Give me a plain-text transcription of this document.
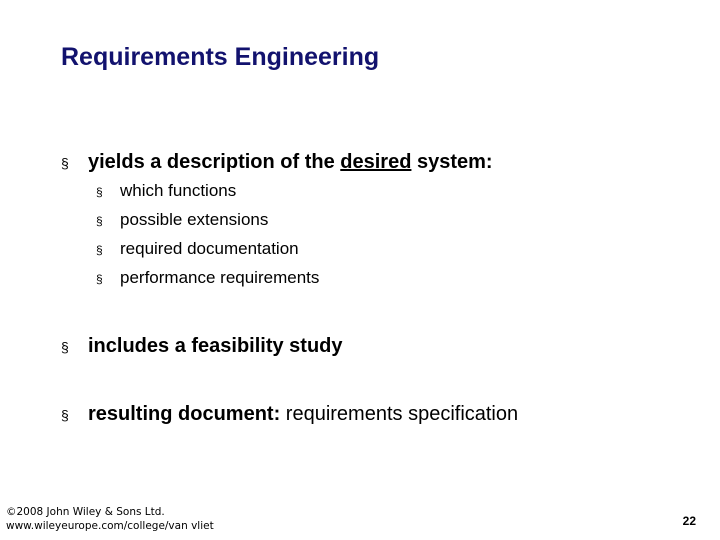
Requirements Engineering
§ yields a description of the desired system:
§	which functions
§	possible extensions
§	required documentation
§	performance requirements
§ includes a feasibility study
§ resulting document: requirements specification
©2008 John Wiley & Sons Ltd.
www.wileyeurope.com/college/van vliet	22
